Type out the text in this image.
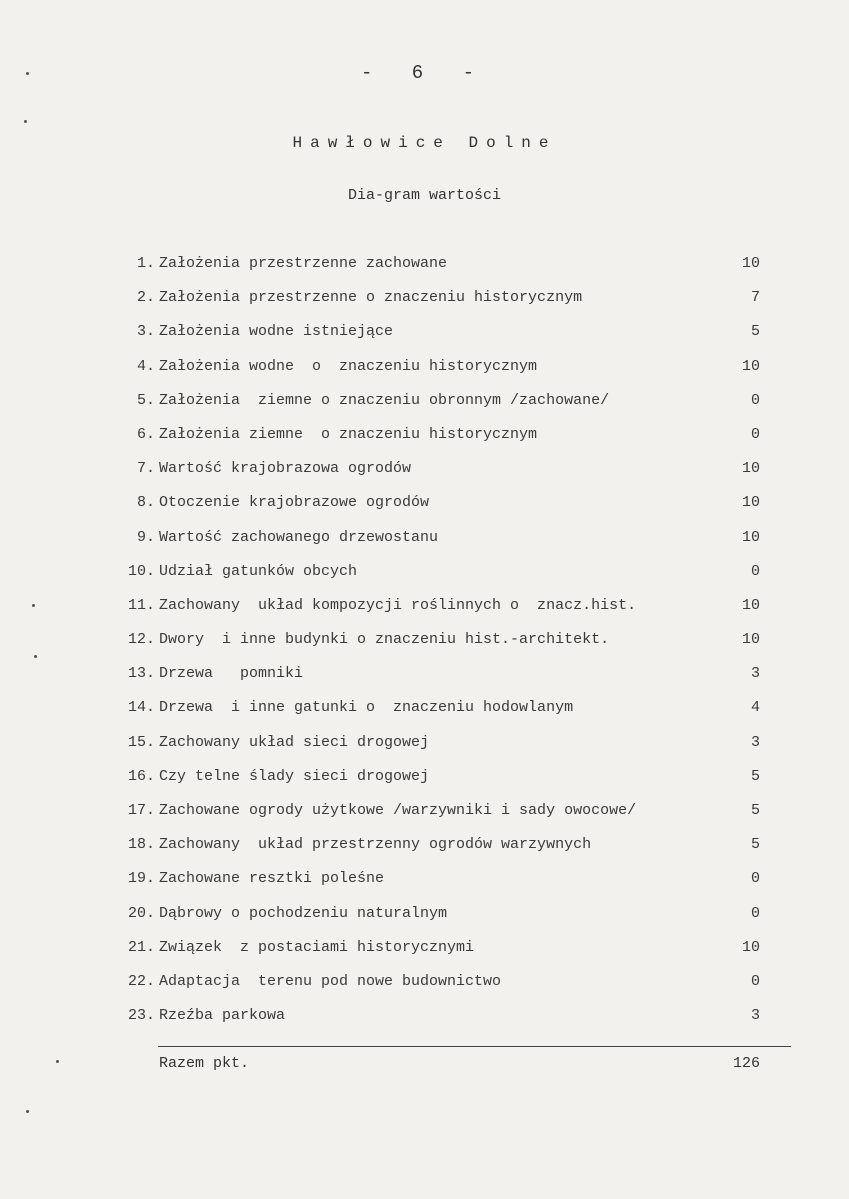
- 6 -
Hawłowice Dolne
Dia-gram wartości
1. Założenia przestrzenne zachowane	10
2. Założenia przestrzenne o znaczeniu historycznym	7
3. Założenia wodne istniejące	5
4. Założenia wodne  o  znaczeniu historycznym	10
5. Założenia  ziemne o znaczeniu obronnym /zachowane/	0
6. Założenia ziemne  o znaczeniu historycznym	0
7. Wartość krajobrazowa ogrodów	10
8. Otoczenie krajobrazowe ogrodów	10
9. Wartość zachowanego drzewostanu	10
10. Udział gatunków obcych	0
11. Zachowany  układ kompozycji roślinnych o  znacz.hist.	10
12. Dwory  i inne budynki o znaczeniu hist.-architekt.	10
13. Drzewa   pomniki	3
14. Drzewa  i inne gatunki o  znaczeniu hodowlanym	4
15. Zachowany układ sieci drogowej	3
16. Czy telne ślady sieci drogowej	5
17. Zachowane ogrody użytkowe /warzywniki i sady owocowe/	5
18. Zachowany  układ przestrzenny ogrodów warzywnych	5
19. Zachowane resztki poleśne	0
20. Dąbrowy o pochodzeniu naturalnym	0
21. Związek  z postaciami historycznymi	10
22. Adaptacja  terenu pod nowe budownictwo	0
23. Rzeźba parkowa	3
Razem pkt.	126
